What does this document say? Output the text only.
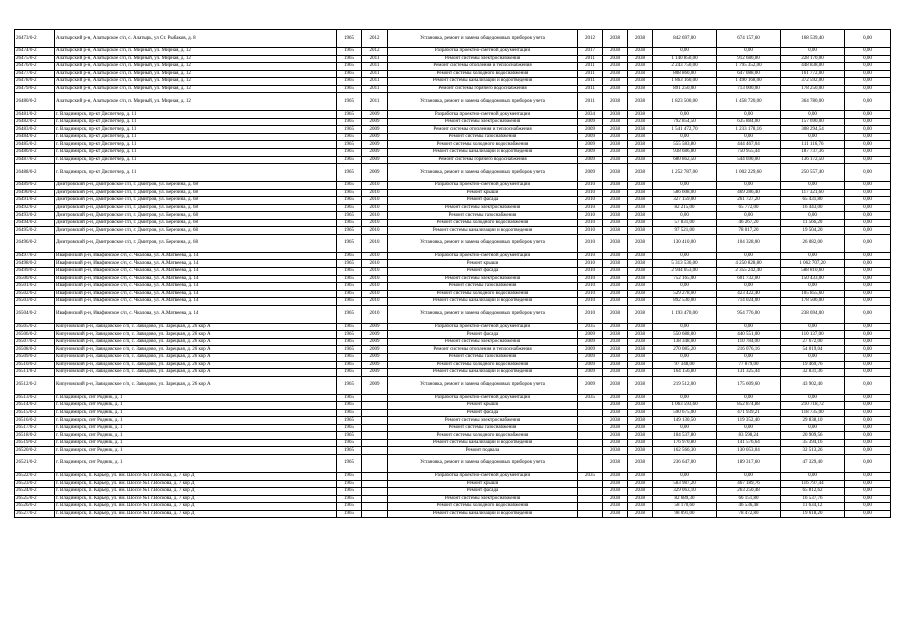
26473/0-2	Алатырский р-н, Алатырское с/п, с. Алатырь, ул Ст. Рыбаков, д. 8	1965	2012	Установка, ремонт и замена общедомовых приборов учета	2012	2038	2038	842 697,00	674 157,60	168 539,40	0,00
26474/0-2	Алатырский р-н, Алатырское с/п, п. Мирный, ул. Мирная, д. 12	1965	2012	Разработка проектно-сметной документации	2017	2038	2038	0,00	0,00	0,00	0,00
26475/0-2	Алатырский р-н, Алатырское с/п, п. Мирный, ул. Мирная, д. 12	1965	2011	Ремонт системы электроснабжения	2011	2038	2038	1 140 850,00	912 680,00	228 170,00	0,00
26476/0-2	Алатырский р-н, Алатырское с/п, п. Мирный, ул. Мирная, д. 12	1965	2011	Ремонт системы отопления и теплоснабжения	2011	2038	2038	2 243 750,00	1 795 352,00	448 838,00	0,00
26477/0-2	Алатырский р-н, Алатырское с/п, п. Мирный, ул. Мирная, д. 12	1965	2011	Ремонт системы холодного водоснабжения	2011	2038	2038	808 860,00	647 088,00	161 772,00	0,00
26478/0-2	Алатырский р-н, Алатырское с/п, п. Мирный, ул. Мирная, д. 12	1965	2011	Ремонт системы канализации и водоотведения	2011	2038	2038	1 863 160,00	1 490 168,00	372 592,00	0,00
26479/0-2	Алатырский р-н, Алатырское с/п, п. Мирный, ул. Мирная, д. 12	1965	2011	Ремонт системы горячего водоснабжения	2011	2038	2038	891 250,00	713 000,00	178 250,00	0,00
26480/0-2	Алатырский р-н, Алатырское с/п, п. Мирный, ул. Мирная, д. 12	1965	2011	Установка, ремонт и замена общедомовых приборов учета	2011	2038	2038	1 823 500,00	1 458 720,00	364 780,00	0,00
26481/0-2	г. Владимирск, пр-кт Диспетчер, д. 11	1965	2009	Разработка проектно-сметной документации	2034	2038	2038	0,00	0,00	0,00	0,00
26482/0-2	г. Владимирск, пр-кт Диспетчер, д. 11	1965	2009	Ремонт системы электроснабжения	2009	2038	2038	792 854,50	635 884,00	157 690,00	0,00
26483/0-2	г. Владимирск, пр-кт Диспетчер, д. 11	1965	2009	Ремонт системы отопления и теплоснабжения	2009	2038	2038	1 541 472,70	1 233 178,16	308 294,54	0,00
26484/0-2	г. Владимирск, пр-кт Диспетчер, д. 11	1965	2009	Ремонт системы газоснабжения	2009	2038	2038	0,00	0,00	0,00	0,00
26485/0-2	г. Владимирск, пр-кт Диспетчер, д. 11	1965	2009	Ремонт системы холодного водоснабжения	2009	2038	2038	555 583,80	444 467,04	111 116,76	0,00
26486/0-2	г. Владимирск, пр-кт Диспетчер, д. 11	1965	2009	Ремонт системы канализации и водоотведения	2009	2038	2038	938 686,80	750 955,44	187 737,36	0,00
26487/0-2	г. Владимирск, пр-кт Диспетчер, д. 11	1965	2009	Ремонт системы горячего водоснабжения	2009	2038	2038	680 862,50	544 690,00	136 172,50	0,00
26488/0-2	г. Владимирск, пр-кт Диспетчер, д. 11	1965	2009	Установка, ремонт и замена общедомовых приборов учета	2009	2038	2038	1 252 787,00	1 002 229,60	250 557,40	0,00
26489/0-2	Дмитровский р-н, Дмитровское с/п, г. Дмитров, ул. Березина, д. 68	1965	2010	Разработка проектно-сметной документации	2010	2038	2038	0,00	0,00	0,00	0,00
26490/0-2	Дмитровский р-н, Дмитровское с/п, г. Дмитров, ул. Березина, д. 68	1965	2010	Ремонт крыши	2010	2038	2038	586 608,00	469 286,40	117 321,60	0,00
26491/0-2	Дмитровский р-н, Дмитровское с/п, г. Дмитров, ул. Березина, д. 68	1965	2010	Ремонт фасада	2010	2038	2038	327 159,00	261 727,20	65 431,80	0,00
26492/0-2	Дмитровский р-н, Дмитровское с/п, г. Дмитров, ул. Березина, д. 68	1965	2010	Ремонт системы электроснабжения	2010	2038	2038	82 215,00	65 772,00	16 443,00	0,00
26493/0-2	Дмитровский р-н, Дмитровское с/п, г. Дмитров, ул. Березина, д. 68	1965	2010	Ремонт системы газоснабжения	2010	2038	2038	0,00	0,00	0,00	0,00
26494/0-2	Дмитровский р-н, Дмитровское с/п, г. Дмитров, ул. Березина, д. 68	1965	2010	Ремонт системы холодного водоснабжения	2010	2038	2038	57 831,00	46 267,20	11 566,20	0,00
26495/0-2	Дмитровский р-н, Дмитровское с/п, г. Дмитров, ул. Березина, д. 68	1965	2010	Ремонт системы канализации и водоотведения	2010	2038	2038	97 521,00	78 017,20	19 504,20	0,00
26496/0-2	Дмитровский р-н, Дмитровское с/п, г. Дмитров, ул. Березина, д. 68	1965	2010	Установка, ремонт и замена общедомовых приборов учета	2010	2038	2038	130 410,00	104 328,00	26 082,00	0,00
26497/0-2	Ивафинский р-н, Ивафинское с/п, с. Чкалова, ул. А.Матвеева, д. 14	1965	2010	Разработка проектно-сметной документации	2010	2038	2038	0,00	0,00	0,00	0,00
26498/0-2	Ивафинский р-н, Ивафинское с/п, с. Чкалова, ул. А.Матвеева, д. 14	1965	2010	Ремонт крыши	2010	2038	2038	5 313 536,00	4 250 828,80	1 062 707,20	0,00
26499/0-2	Ивафинский р-н, Ивафинское с/п, с. Чкалова, ул. А.Матвеева, д. 14	1965	2010	Ремонт фасада	2010	2038	2038	2 944 053,00	2 355 242,40	588 810,60	0,00
26500/0-2	Ивафинский р-н, Ивафинское с/п, с. Чкалова, ул. А.Матвеева, д. 14	1965	2010	Ремонт системы электроснабжения	2010	2038	2038	752 165,00	601 732,00	150 433,00	0,00
26501/0-2	Ивафинский р-н, Ивафинское с/п, с. Чкалова, ул. А.Матвеева, д. 14	1965	2010	Ремонт системы газоснабжения	2010	2038	2038	0,00	0,00	0,00	0,00
26502/0-2	Ивафинский р-н, Ивафинское с/п, с. Чкалова, ул. А.Матвеева, д. 14	1965	2010	Ремонт системы холодного водоснабжения	2010	2038	2038	529 278,00	423 422,40	105 855,60	0,00
26503/0-2	Ивафинский р-н, Ивафинское с/п, с. Чкалова, ул. А.Матвеева, д. 14	1965	2010	Ремонт системы канализации и водоотведения	2010	2038	2038	892 530,00	714 024,00	178 506,00	0,00
26504/0-2	Ивафинский р-н, Ивафинское с/п, с. Чкалова, ул. А.Матвеева, д. 14	1965	2010	Установка, ремонт и замена общедомовых приборов учета	2010	2038	2038	1 193 470,00	954 776,00	238 694,00	0,00
26505/0-2	Кипуновский р-н, Завидовское с/п, с. Завидово, ул. Зарецкая, д. 26 кор А	1965	2009	Разработка проектно-сметной документации	2035	2038	2038	0,00	0,00	0,00	0,00
26506/0-2	Кипуновский р-н, Завидовское с/п, с. Завидово, ул. Зарецкая, д. 26 кор А	1965	2009	Ремонт фасада	2009	2038	2038	550 688,00	440 551,00	110 137,00	0,00
26507/0-2	Кипуновский р-н, Завидовское с/п, с. Завидово, ул. Зарецкая, д. 26 кор А	1965	2009	Ремонт системы электроснабжения	2009	2038	2038	138 348,00	110 784,00	27 672,00	0,00
26508/0-2	Кипуновский р-н, Завидовское с/п, с. Завидово, ул. Зарецкая, д. 26 кор А	1965	2009	Ремонт системы отопления и теплоснабжения	2009	2038	2038	270 085,20	216 076,16	54 019,04	0,00
26509/0-2	Кипуновский р-н, Завидовское с/п, с. Завидово, ул. Зарецкая, д. 26 кор А	1965	2009	Ремонт системы газоснабжения	2009	2038	2038	0,00	0,00	0,00	0,00
26510/0-2	Кипуновский р-н, Завидовское с/п, с. Завидово, ул. Зарецкая, д. 26 кор А	1965	2009	Ремонт системы холодного водоснабжения	2009	2038	2038	97 348,00	77 879,00	19 469,76	0,00
26511/0-2	Кипуновский р-н, Завидовское с/п, с. Завидово, ул. Зарецкая, д. 26 кор А	1965	2009	Ремонт системы канализации и водоотведения	2009	2038	2038	164 156,80	131 325,44	32 831,36	0,00
26512/0-2	Кипуновский р-н, Завидовское с/п, с. Завидово, ул. Зарецкая, д. 26 кор А	1965	2009	Установка, ремонт и замена общедомовых приборов учета	2009	2038	2038	219 512,00	175 609,60	43 902,40	0,00
26513/0-2	г. Владимирск, снт Родник, д. 1	1965		Разработка проектно-сметной документации	2035	2038	2038	0,00	0,00	0,00	0,00
26514/0-2	г. Владимирск, снт Родник, д. 1	1965		Ремонт крыши		2038	2038	1 063 593,60	852 874,88	210 718,72	0,00
26515/0-2	г. Владимирск, снт Родник, д. 1	1965		Ремонт фасада		2038	2038	590 675,00	471 939,21	118 735,00	0,00
26516/0-2	г. Владимирск, снт Родник, д. 1	1965		Ремонт системы электроснабжения		2038	2038	149 130,50	119 352,40	29 838,10	0,00
26517/0-2	г. Владимирск, снт Родник, д. 1	1965		Ремонт системы газоснабжения		2038	2038	0,00	0,00	0,00	0,00
26518/0-2	г. Владимирск, снт Родник, д. 1	1965		Ремонт системы холодного водоснабжения		2038	2038	104 537,80	83 598,24	20 909,56	0,00
26519/0-2	г. Владимирск, снт Родник, д. 1	1965		Ремонт системы канализации и водоотведения		2038	2038	176 970,80	141 576,64	35 394,16	0,00
26520/0-2	г. Владимирск, снт Родник, д. 1	1965		Ремонт подвала		2038	2038	162 566,30	130 053,04	32 513,26	0,00
26521/0-2	г. Владимирск, снт Родник, д. 1	1965		Установка, ремонт и замена общедомовых приборов учета		2038	2038	236 647,00	189 317,60	47 329,40	0,00
26522/0-2	г. Владимирск, п. Карьер, ул. им. Шоссе №1 г.Воскова, д. 7 кор Д	1965		Разработка проектно-сметной документации	2035	2038	2038	0,00	0,00	0,00	0,00
26523/0-2	г. Владимирск, п. Карьер, ул. им. Шоссе №1 г.Воскова, д. 7 кор Д	1965		Ремонт крыши		2038	2038	583 987,20	467 189,76	116 797,44	0,00
26524/0-2	г. Владимирск, п. Карьер, ул. им. Шоссе №1 г.Воскова, д. 7 кор Д	1965		Ремонт фасада		2038	2038	329 063,10	263 250,48	65 812,62	0,00
26525/0-2	г. Владимирск, п. Карьер, ул. им. Шоссе №1 г.Воскова, д. 7 кор Д	1965		Ремонт системы электроснабжения		2038	2038	82 689,30	66 151,80	16 537,76	0,00
26526/0-2	г. Владимирск, п. Карьер, ул. им. Шоссе №1 г.Воскова, д. 7 кор Д	1965		Ремонт системы холодного водоснабжения		2038	2038	58 170,60	46 536,48	11 634,12	0,00
26527/0-2	г. Владимирск, п. Карьер, ул. им. Шоссе №1 г.Воскова, д. 7 кор Д	1965		Ремонт системы канализации и водоотведения		2038	2038	98 091,00	78 472,80	19 618,20	0,00
